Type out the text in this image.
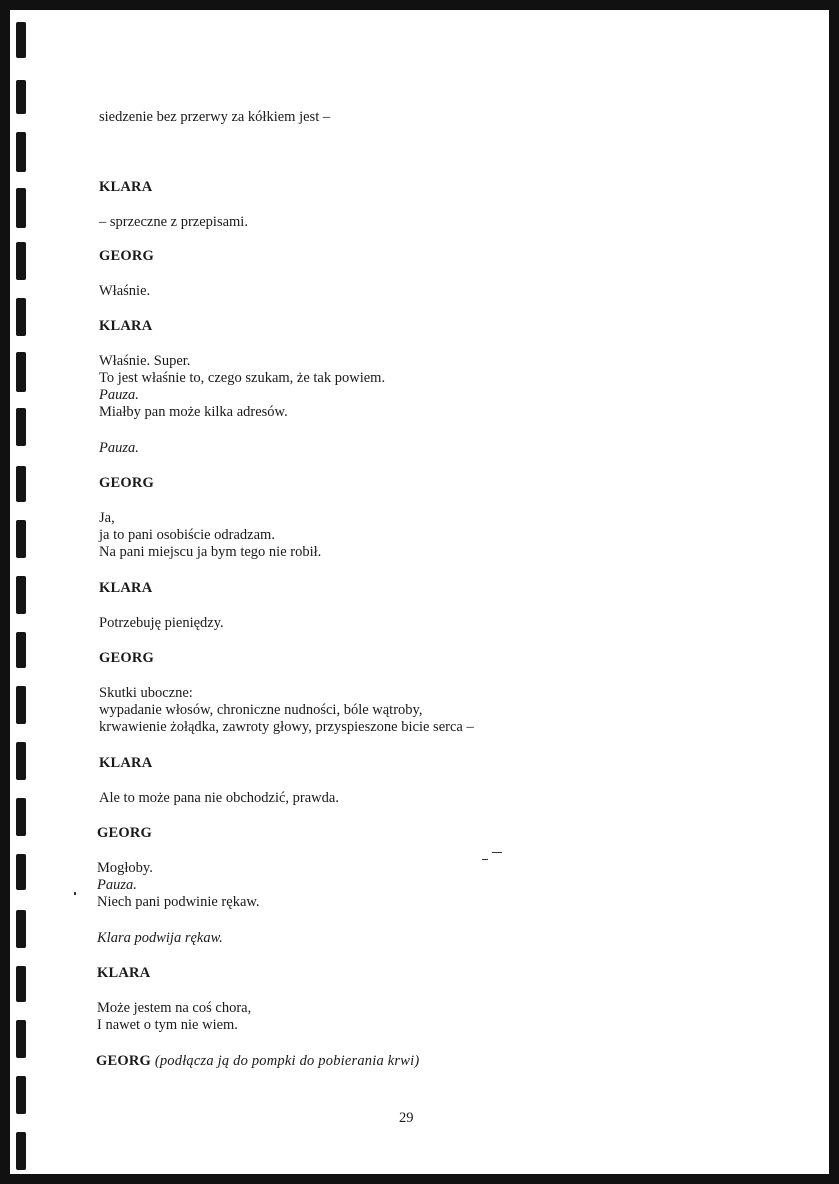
siedzenie bez przerwy za kółkiem jest –
KLARA
– sprzeczne z przepisami.
GEORG
Właśnie.
KLARA
Właśnie. Super.
To jest właśnie to, czego szukam, że tak powiem.
Pauza.
Miałby pan może kilka adresów.
Pauza.
GEORG
Ja,
ja to pani osobiście odradzam.
Na pani miejscu ja bym tego nie robił.
KLARA
Potrzebuję pieniędzy.
GEORG
Skutki uboczne:
wypadanie włosów, chroniczne nudności, bóle wątroby,
krwawienie żołądka, zawroty głowy, przyspieszone bicie serca –
KLARA
Ale to może pana nie obchodzić, prawda.
GEORG
Mogłoby.
Pauza.
Niech pani podwinie rękaw.
Klara podwija rękaw.
KLARA
Może jestem na coś chora,
I nawet o tym nie wiem.
GEORG (podłącza ją do pompki do pobierania krwi)
29
